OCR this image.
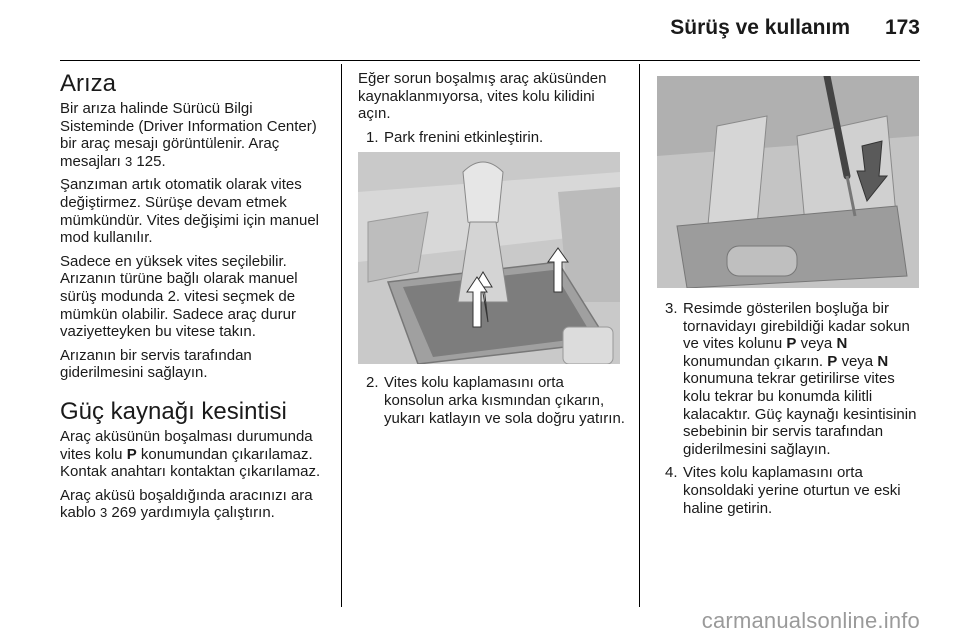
Sürüş ve kullanım 173
Arıza

Bir arıza halinde Sürücü Bilgi Sisteminde (Driver Information Center) bir araç mesajı görüntülenir. Araç mesajları 3 125.

Şanzıman artık otomatik olarak vites değiştirmez. Sürüşe devam etmek mümkündür. Vites değişimi için manuel mod kullanılır.

Sadece en yüksek vites seçilebilir. Arızanın türüne bağlı olarak manuel sürüş modunda 2. vitesi seçmek de mümkün olabilir. Sadece araç durur vaziyetteyken bu vitese takın.

Arızanın bir servis tarafından giderilmesini sağlayın.

Güç kaynağı kesintisi

Araç aküsünün boşalması durumunda vites kolu P konumundan çıkarılamaz. Kontak anahtarı kontaktan çıkarılamaz.

Araç aküsü boşaldığında aracınızı ara kablo 3 269 yardımıyla çalıştırın.

Eğer sorun boşalmış araç aküsünden kaynaklanmıyorsa, vites kolu kilidini açın.

1. Park frenini etkinleştirin.
2. Vites kolu kaplamasını orta konsolun arka kısmından çıkarın, yukarı katlayın ve sola doğru yatırın.
3. Resimde gösterilen boşluğa bir tornavidayı girebildiği kadar sokun ve vites kolunu P veya N konumundan çıkarın. P veya N konumuna tekrar getirilirse vites kolu tekrar bu konumda kilitli kalacaktır. Güç kaynağı kesintisinin sebebinin bir servis tarafından giderilmesini sağlayın.
4. Vites kolu kaplamasını orta konsoldaki yerine oturtun ve eski haline getirin.
carmanualsonline.info
